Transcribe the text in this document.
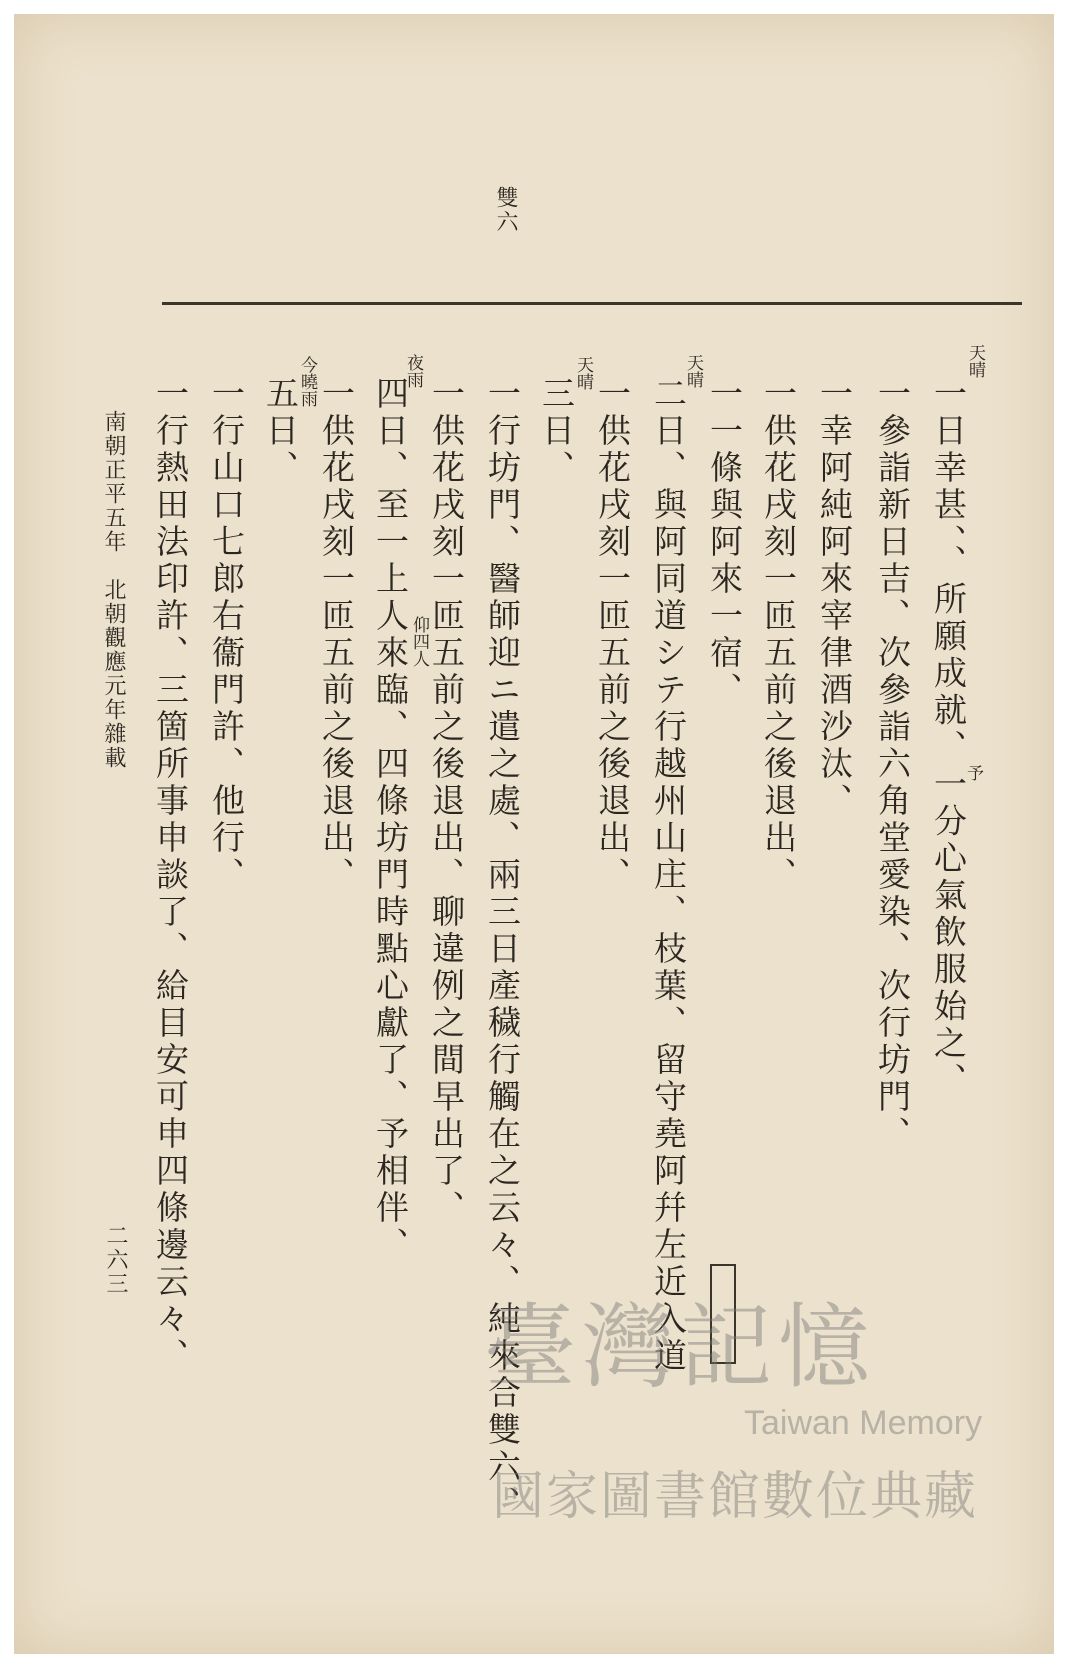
雙六
天晴
予
天晴
天晴
夜雨
仰四人
今曉雨	一日幸甚、、所願成就、一分心氣飲服始之、
一參詣新日吉、次參詣六角堂愛染、次行坊門、
一幸阿純阿來宰律酒沙汰、
一供花戌刻一匝五前之後退出、
一一條與阿來一宿、
二日、與阿同道シテ行越州山庄、枝葉、留守堯阿幷左近入道
一供花戌刻一匝五前之後退出、
三日、
一行坊門、醫師迎ニ遣之處、兩三日產穢行觸在之云々、純來合雙六、
一供花戌刻一匝五前之後退出、聊違例之間早出了、
四日、至一上人來臨、四條坊門時點心獻了、予相伴、
一供花戌刻一匝五前之後退出、
五日、
一行山口七郎右衞門許、他行、
一行熱田法印許、三箇所事申談了、給目安可申四條邊云々、
南朝正平五年　北朝觀應元年雜載
二六三
臺灣記憶
Taiwan Memory
國家圖書館數位典藏
